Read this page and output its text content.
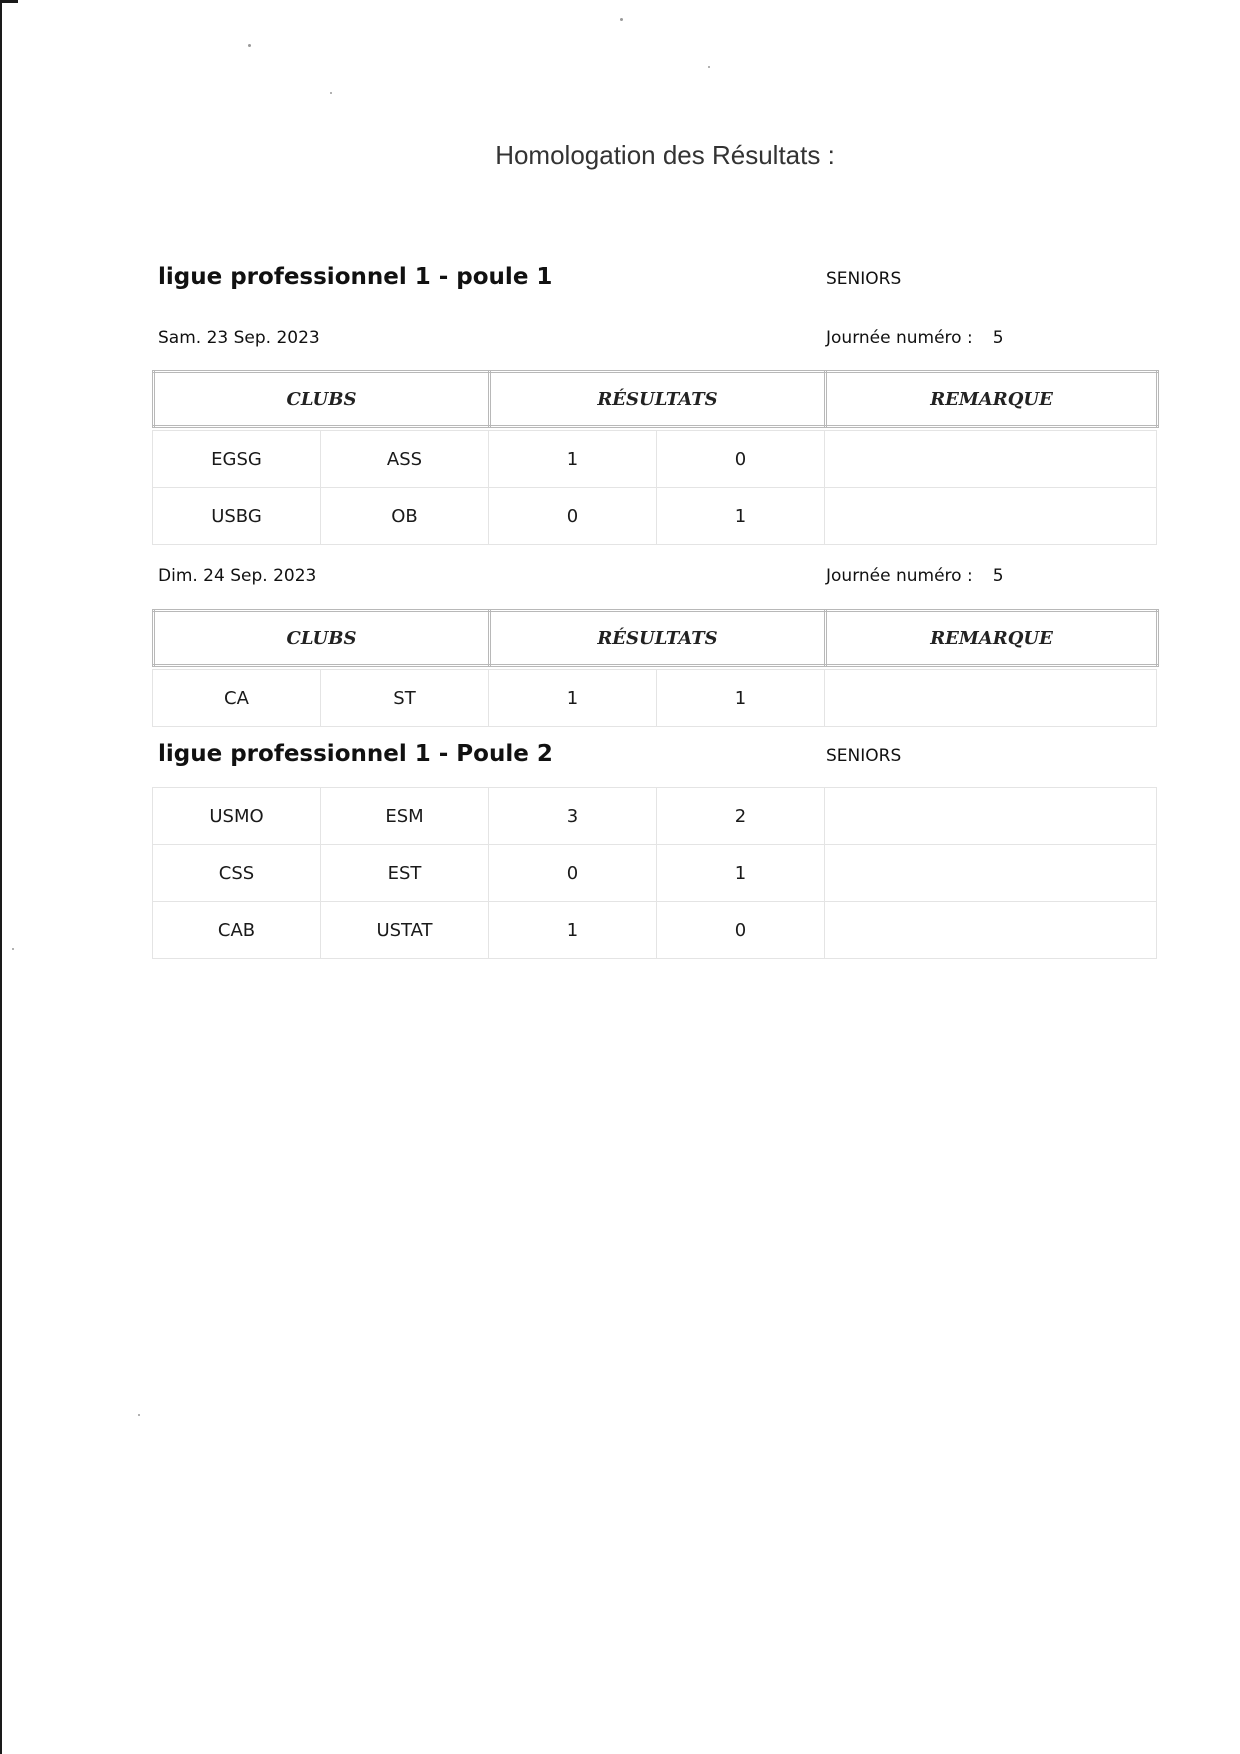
Homologation des Résultats :
ligue professionnel 1 - poule 1	SENIORS
Sam. 23 Sep. 2023	Journée numéro : 5
CLUBS	RÉSULTATS	REMARQUE
EGSG	ASS	1	0	
USBG	OB	0	1	
Dim. 24 Sep. 2023	Journée numéro : 5
CLUBS	RÉSULTATS	REMARQUE
CA	ST	1	1	
ligue professionnel 1 - Poule 2	SENIORS
USMO	ESM	3	2	
CSS	EST	0	1	
CAB	USTAT	1	0	
